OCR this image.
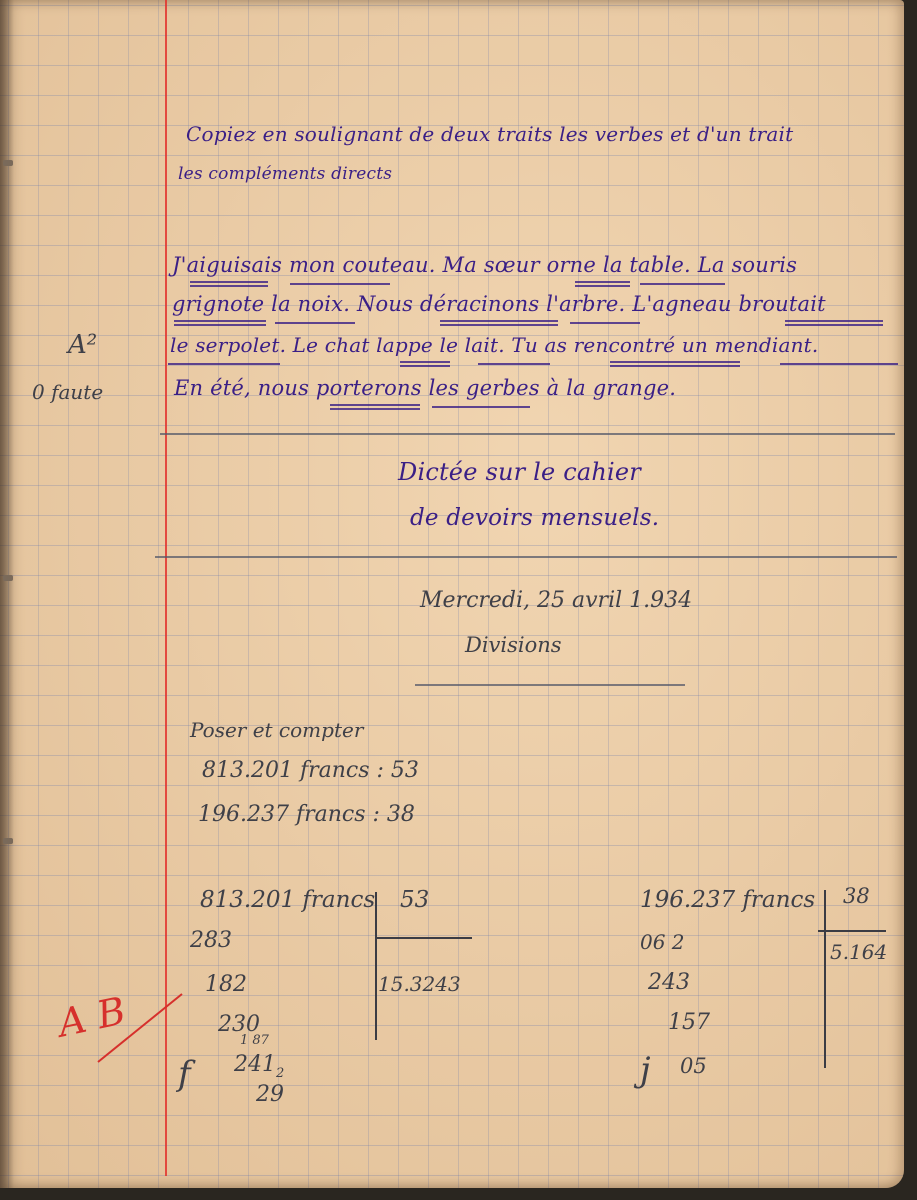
Copiez en soulignant de deux traits les verbes et d'un trait
les compléments directs
J'aiguisais mon couteau. Ma sœur orne la table. La souris
grignote la noix. Nous déracinons l'arbre. L'agneau broutait
le serpolet. Le chat lappe le lait. Tu as rencontré un mendiant.
En été, nous porterons les gerbes à la grange.
A²
0 faute
Dictée sur le cahier
de devoirs mensuels.
Mercredi, 25 avril 1.934
Divisions
Poser et compter
813.201 francs : 53
196.237 francs : 38
813.201 francs 53
15.3243
283
182
230
1 87
241 2
29
f
196.237 francs 38
5.164
06 2
243
157
05
j
A B
